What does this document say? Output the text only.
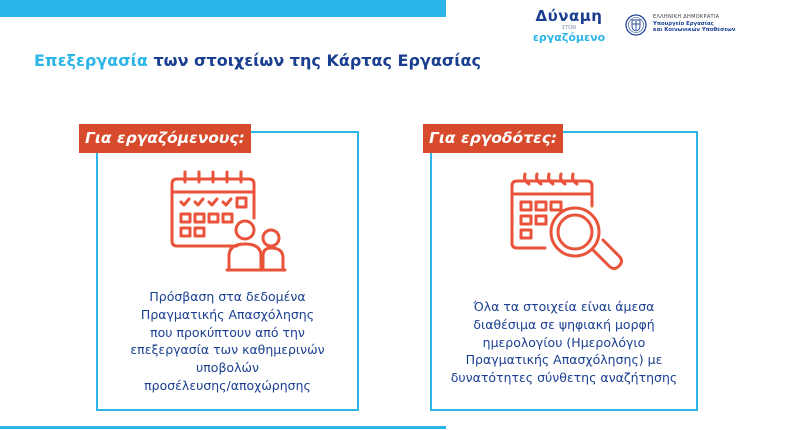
Δύναμη
ΣΤΟΝ
εργαζόμενο
ΕΛΛΗΝΙΚΗ ΔΗΜΟΚΡΑΤΙΑ
Υπουργείο Εργασίας
και Κοινωνικών Υποθέσεων
Επεξεργασία των στοιχείων της Κάρτας Εργασίας
Για εργαζόμενους:
Πρόσβαση στα δεδομένα
Πραγματικής Απασχόλησης
που προκύπτουν από την
επεξεργασία των καθημερινών
υποβολών
προσέλευσης/αποχώρησης
Για εργοδότες:
Όλα τα στοιχεία είναι άμεσα
διαθέσιμα σε ψηφιακή μορφή
ημερολογίου (Ημερολόγιο
Πραγματικής Απασχόλησης) με
δυνατότητες σύνθετης αναζήτησης
